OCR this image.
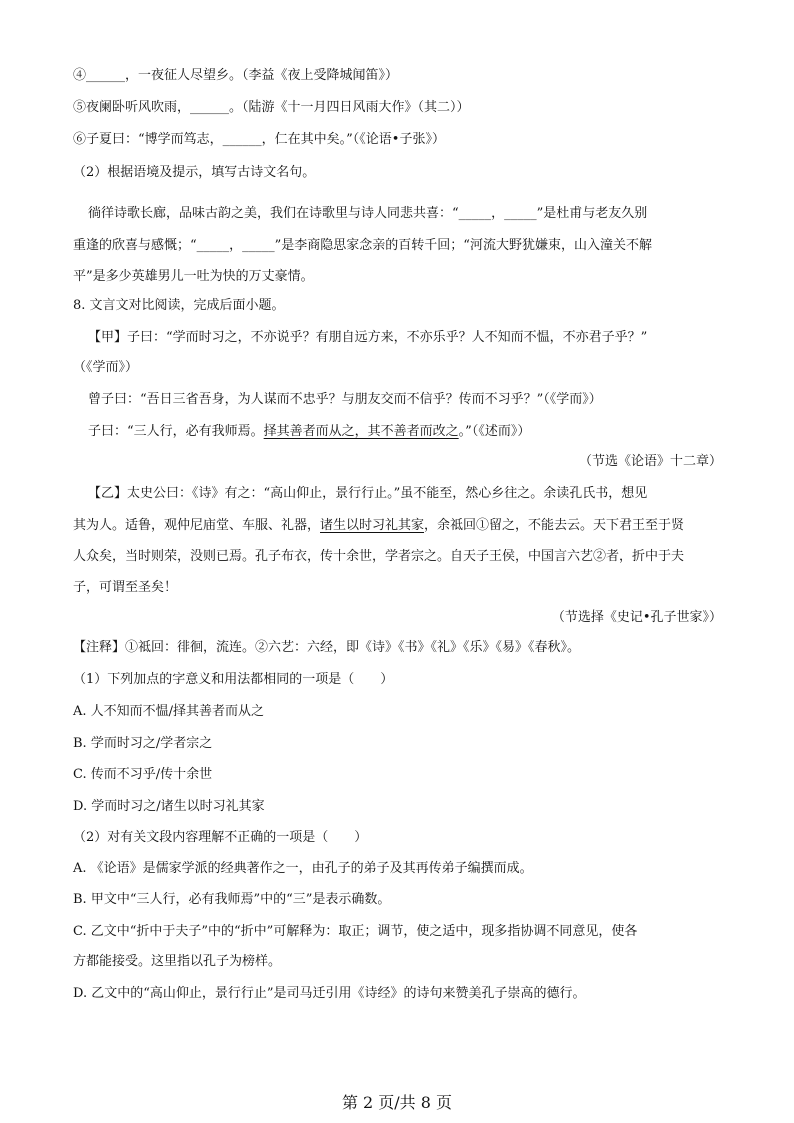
④______，一夜征人尽望乡。（李益《夜上受降城闻笛》）
⑤夜阑卧听风吹雨，______。（陆游《十一月四日风雨大作》（其二））
⑥子夏曰：“博学而笃志，______，仁在其中矣。”（《论语•子张》）
（2）根据语境及提示，填写古诗文名句。
徜徉诗歌长廊，品味古韵之美，我们在诗歌里与诗人同悲共喜：“_____，_____”是杜甫与老友久别
重逢的欣喜与感慨；“_____，_____”是李商隐思家念亲的百转千回；“河流大野犹嫌束，山入潼关不解
平”是多少英雄男儿一吐为快的万丈豪情。
8. 文言文对比阅读，完成后面小题。
【甲】子曰：“学而时习之，不亦说乎？有朋自远方来，不亦乐乎？人不知而不愠，不亦君子乎？”
（《学而》）
曾子曰：“吾日三省吾身，为人谋而不忠乎？与朋友交而不信乎？传而不习乎？”（《学而》）
子曰：“三人行，必有我师焉。择其善者而从之，其不善者而改之。”（《述而》）
（节选《论语》十二章）
【乙】太史公曰：《诗》有之：“高山仰止，景行行止。”虽不能至，然心乡往之。余读孔氏书，想见
其为人。适鲁，观仲尼庙堂、车服、礼器，诸生以时习礼其家，余祗回①留之，不能去云。天下君王至于贤
人众矣，当时则荣，没则已焉。孔子布衣，传十余世，学者宗之。自天子王侯，中国言六艺②者，折中于夫
子，可谓至圣矣！
（节选择《史记•孔子世家》）
【注释】①祗回：徘徊，流连。②六艺：六经，即《诗》《书》《礼》《乐》《易》《春秋》。
（1）下列加点的字意义和用法都相同的一项是（　　）
A. 人不知而不愠/择其善者而从之
B. 学而时习之/学者宗之
C. 传而不习乎/传十余世
D. 学而时习之/诸生以时习礼其家
（2）对有关文段内容理解不正确的一项是（　　）
A. 《论语》是儒家学派的经典著作之一，由孔子的弟子及其再传弟子编撰而成。
B. 甲文中“三人行，必有我师焉”中的“三”是表示确数。
C. 乙文中“折中于夫子”中的“折中”可解释为：取正；调节，使之适中，现多指协调不同意见，使各
方都能接受。这里指以孔子为榜样。
D. 乙文中的“高山仰止，景行行止”是司马迁引用《诗经》的诗句来赞美孔子崇高的德行。
第 2 页/共 8 页
